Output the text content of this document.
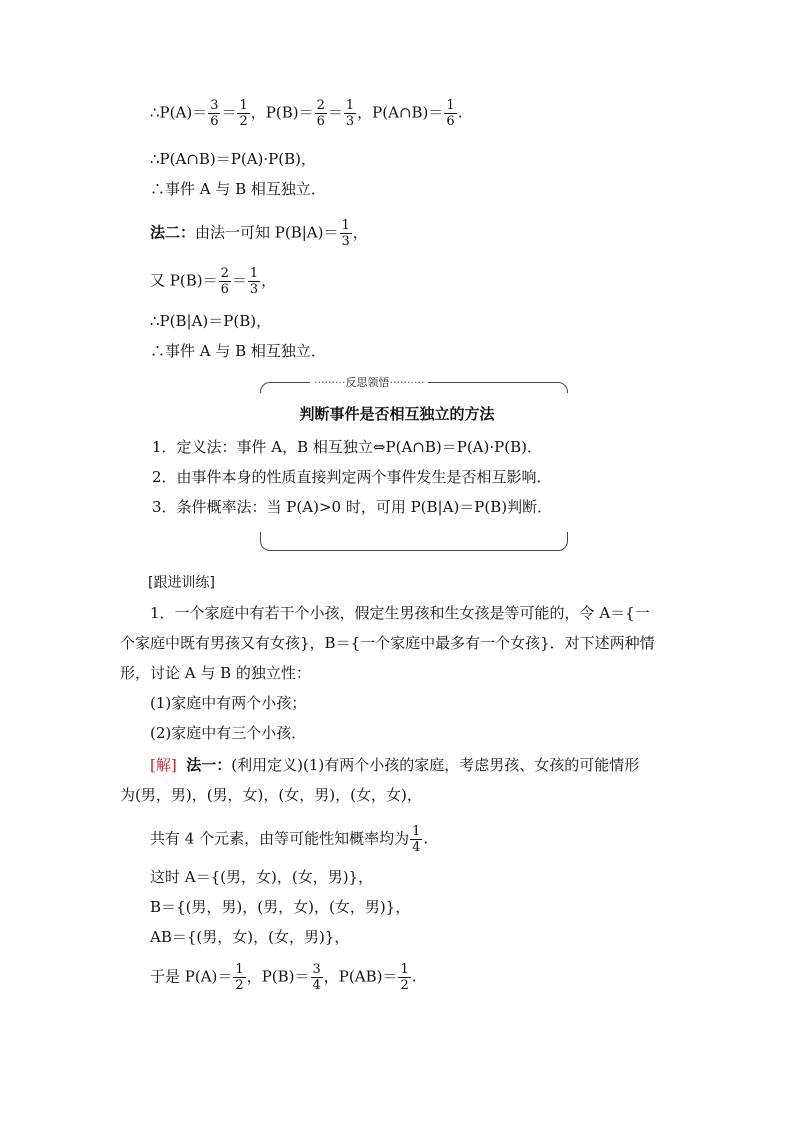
∴P(A)＝ $\frac{3}{6} = \frac{1}{2}$ ，$P(B)= \frac{2}{6} = \frac{1}{3}$ ，P(A∩B)＝ $\frac{1}{6}$ .
∴P(A∩B)＝P(A)·P(B)，
∴事件 A 与 B 相互独立．
法二：由法一可知 $P(B|A)= \frac{1}{3}$ ，
又 $P(B)= \frac{2}{6} = \frac{1}{3}$ ，
∴P(B|A)＝P(B)，
∴事件 A 与 B 相互独立．
·········反思领悟··········
判断事件是否相互独立的方法
1．定义法：事件 A，B 相互独立⇔P(A∩B)＝P(A)·P(B)．
2．由事件本身的性质直接判定两个事件发生是否相互影响．
3．条件概率法：当 P(A)>0 时，可用 P(B|A)＝P(B)判断．
[跟进训练]
1．一个家庭中有若干个小孩，假定生男孩和生女孩是等可能的，令 A＝{一
个家庭中既有男孩又有女孩}，B＝{一个家庭中最多有一个女孩}．对下述两种情
形，讨论 A 与 B 的独立性：
(1)家庭中有两个小孩；
(2)家庭中有三个小孩．
[解] 法一：(利用定义)(1)有两个小孩的家庭，考虑男孩、女孩的可能情形
为(男，男)，(男，女)，(女，男)，(女，女)，
共有 4 个元素，由等可能性知概率均为 $\frac{1}{4}$ .
这时 A＝{(男，女)，(女，男)}，
B＝{(男，男)，(男，女)，(女，男)}，
AB＝{(男，女)，(女，男)}，
于是 $P(A)= \frac{1}{2}$ ，$P(B)= \frac{3}{4}$ ，$P(AB)= \frac{1}{2}$ .
